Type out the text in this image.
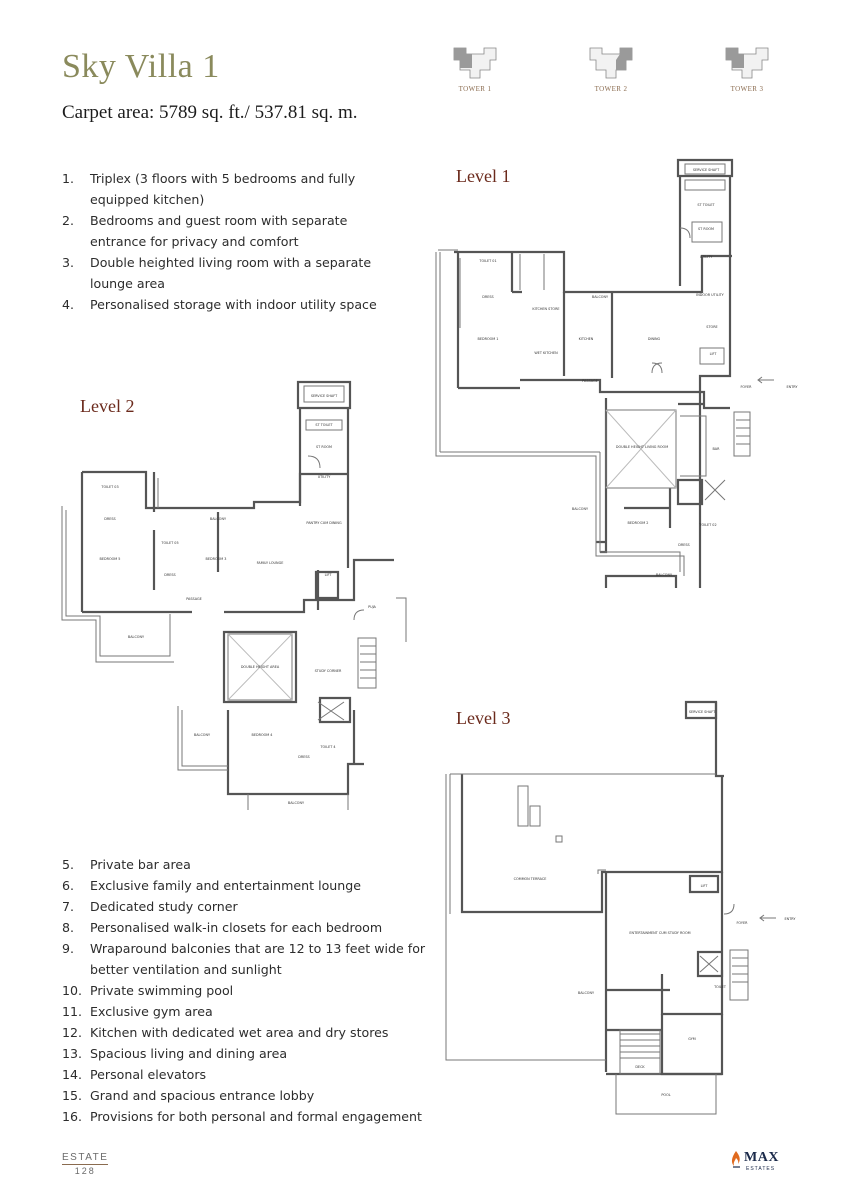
Sky Villa 1
Carpet area: 5789 sq. ft./ 537.81 sq. m.
TOWER 1	TOWER 2	TOWER 3
1. Triplex (3 floors with 5 bedrooms and fully equipped kitchen)
2. Bedrooms and guest room with separate entrance for privacy and comfort
3. Double heighted living room with a separate lounge area
4. Personalised storage with indoor utility space
5. Private bar area
6. Exclusive family and entertainment lounge
7. Dedicated study corner
8. Personalised walk-in closets for each bedroom
9. Wraparound balconies that are 12 to 13 feet wide for better ventilation and sunlight
10. Private swimming pool
11. Exclusive gym area
12. Kitchen with dedicated wet area and dry stores
13. Spacious living and dining area
14. Personal elevators
15. Grand and spacious entrance lobby
16. Provisions for both personal and formal engagement
Level 1
Level 2
Level 3
SERVICE SHAFT
ST TOILET
ST ROOM
UTILITY
TOILET 01
DRESS	BALCONY	INDOOR UTILITY
KITCHEN STORE
KITCHEN	DINING
STORE
BEDROOM 1
WET KITCHEN	LIFT
PASSAGE
FOYER	ENTRY
BAR
DOUBLE HEIGHT LIVING ROOM
BALCONY
BEDROOM 2	TOILET 02
DRESS
BALCONY
SERVICE SHAFT
ST TOILET
ST ROOM
UTILITY
TOILET 03
DRESS	BALCONY
PANTRY CUM DINING
BEDROOM 3
TOILET 05
BEDROOM 5
DRESS
FAMILY LOUNGE
LIFT
PUJA
PASSAGE
BALCONY
DOUBLE HEIGHT AREA
STUDY CORNER
BALCONY	BEDROOM 4
DRESS
TOILET 4
BALCONY
SERVICE SHAFT
COMMON TERRACE
LIFT
FOYER
ENTRY
ENTERTAINMENT CUM STUDY ROOM
BALCONY
TOILET
GYM
DECK
POOL
ESTATE
128
MAX
ESTATES
